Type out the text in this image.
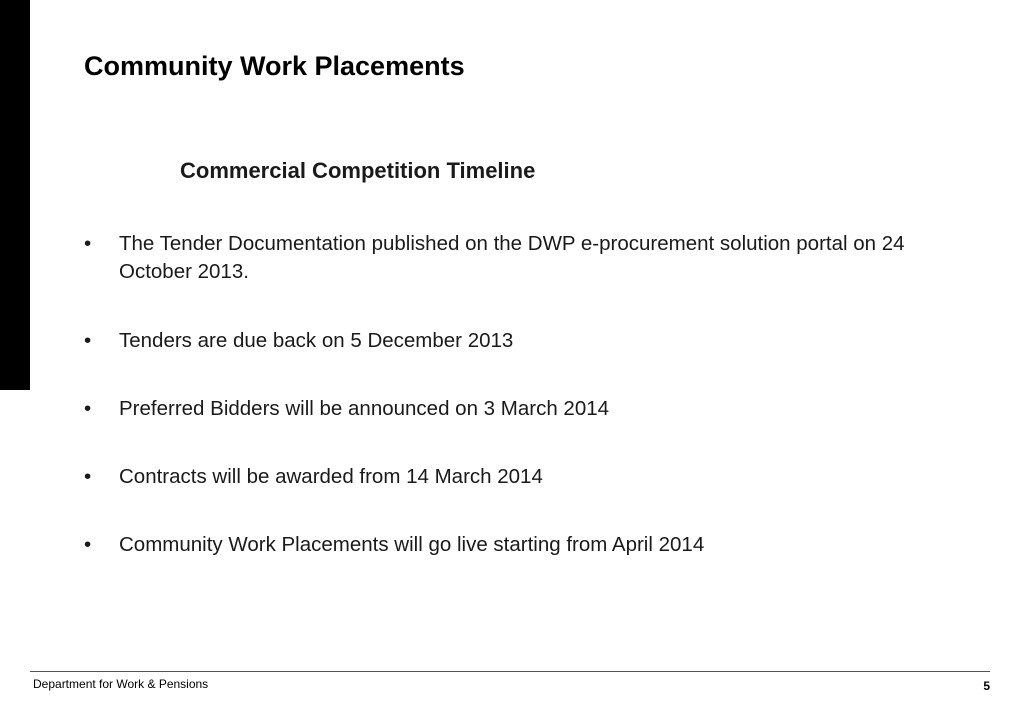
Community Work Placements
Commercial Competition Timeline
•	The Tender Documentation published on the DWP e-procurement solution portal on 24 October 2013.
•	Tenders are due back on 5 December 2013
•	Preferred Bidders will be announced on 3 March 2014
•	Contracts will be awarded from 14 March 2014
•	Community Work Placements will go live starting from April 2014
Department for Work & Pensions	5
